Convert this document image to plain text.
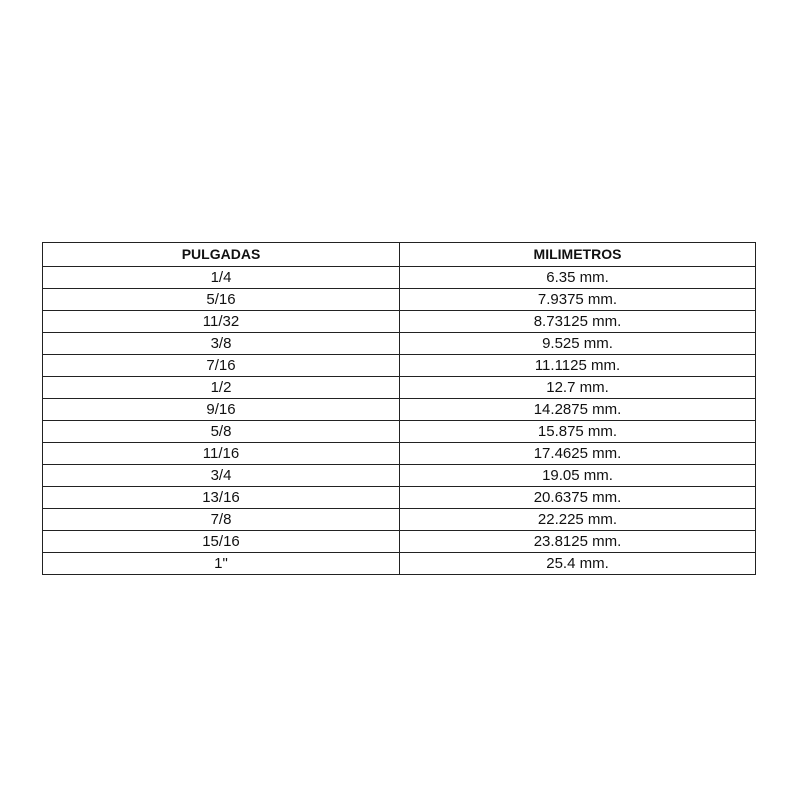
PULGADAS	MILIMETROS
1/4	6.35 mm.
5/16	7.9375 mm.
11/32	8.73125 mm.
3/8	9.525 mm.
7/16	11.1125 mm.
1/2	12.7 mm.
9/16	14.2875 mm.
5/8	15.875 mm.
11/16	17.4625 mm.
3/4	19.05 mm.
13/16	20.6375 mm.
7/8	22.225 mm.
15/16	23.8125 mm.
1"	25.4 mm.
